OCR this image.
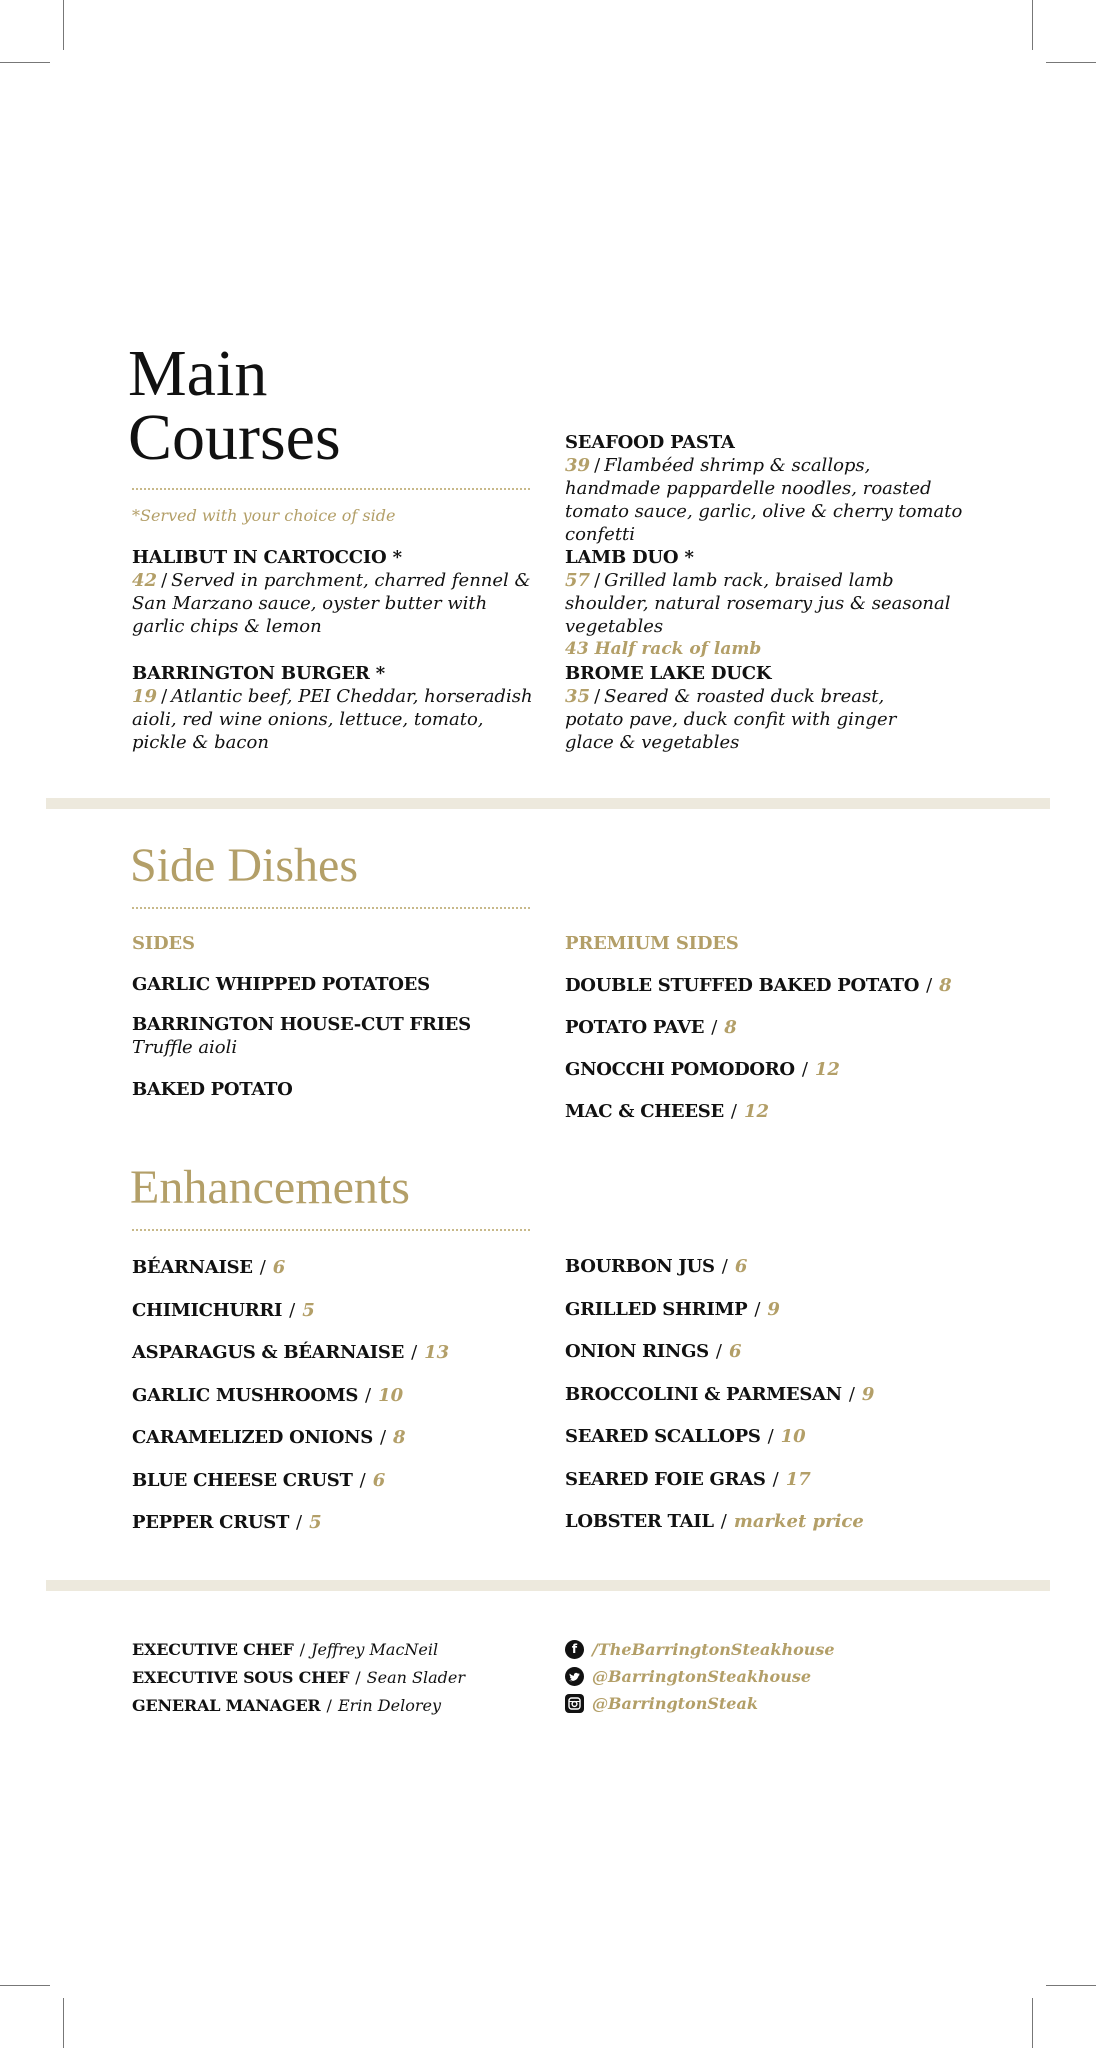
Main
Courses
*Served with your choice of side
HALIBUT IN CARTOCCIO *
42 / Served in parchment, charred fennel & San Marzano sauce, oyster butter with garlic chips & lemon
BARRINGTON BURGER *
19 / Atlantic beef, PEI Cheddar, horseradish aioli, red wine onions, lettuce, tomato, pickle & bacon
SEAFOOD PASTA
39 / Flambéed shrimp & scallops, handmade pappardelle noodles, roasted tomato sauce, garlic, olive & cherry tomato confetti
LAMB DUO *
57 / Grilled lamb rack, braised lamb shoulder, natural rosemary jus & seasonal vegetables
43 Half rack of lamb
BROME LAKE DUCK
35 / Seared & roasted duck breast, potato pave, duck confit with ginger glace & vegetables
Side Dishes
SIDES
GARLIC WHIPPED POTATOES
BARRINGTON HOUSE-CUT FRIES
Truffle aioli
BAKED POTATO
PREMIUM SIDES
DOUBLE STUFFED BAKED POTATO / 8
POTATO PAVE / 8
GNOCCHI POMODORO / 12
MAC & CHEESE / 12
Enhancements
BÉARNAISE / 6
CHIMICHURRI / 5
ASPARAGUS & BÉARNAISE / 13
GARLIC MUSHROOMS / 10
CARAMELIZED ONIONS / 8
BLUE CHEESE CRUST / 6
PEPPER CRUST / 5
BOURBON JUS / 6
GRILLED SHRIMP / 9
ONION RINGS / 6
BROCCOLINI & PARMESAN / 9
SEARED SCALLOPS / 10
SEARED FOIE GRAS / 17
LOBSTER TAIL / market price
EXECUTIVE CHEF / Jeffrey MacNeil
EXECUTIVE SOUS CHEF / Sean Slader
GENERAL MANAGER / Erin Delorey
f /TheBarringtonSteakhouse
@BarringtonSteakhouse
@BarringtonSteak
